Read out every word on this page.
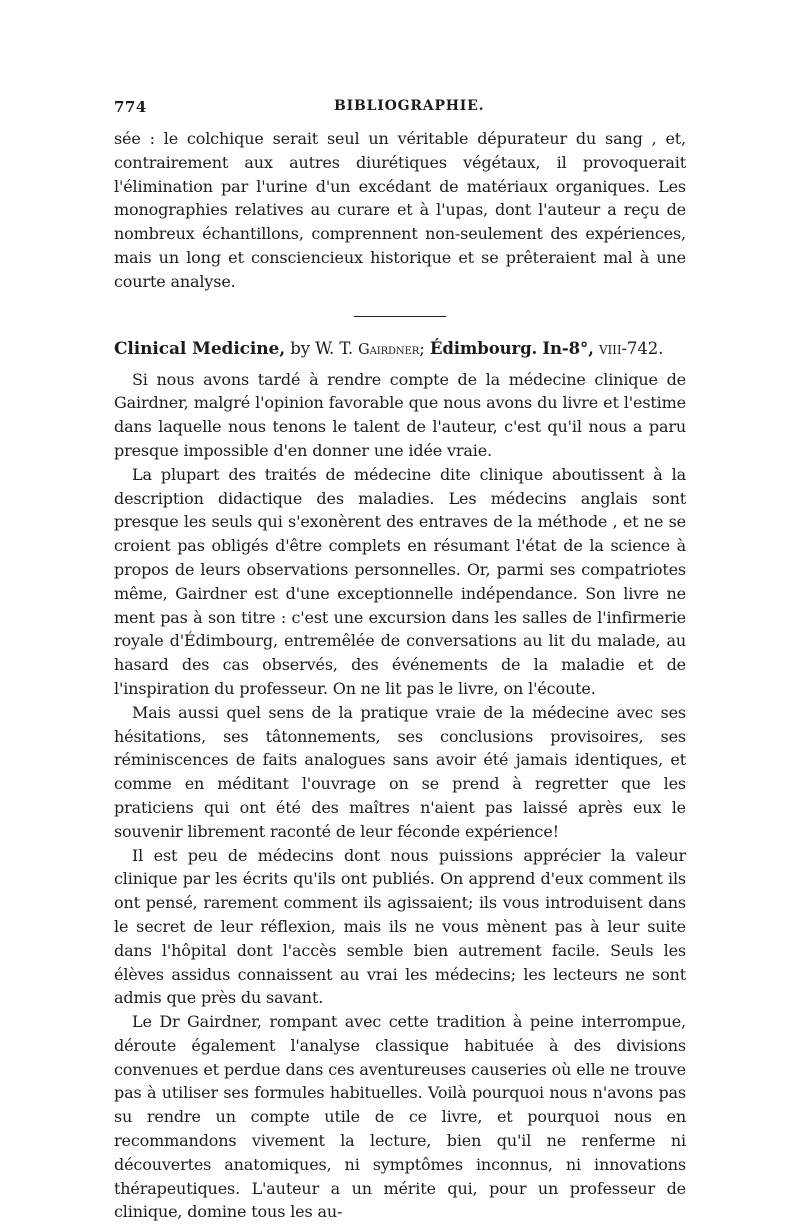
774	BIBLIOGRAPHIE.

sée : le colchique serait seul un véritable dépurateur du sang , et, contrairement aux autres diurétiques végétaux, il provoquerait l'élimination par l'urine d'un excédant de matériaux organiques. Les monographies relatives au curare et à l'upas, dont l'auteur a reçu de nombreux échantillons, comprennent non-seulement des expériences, mais un long et consciencieux historique et se prêteraient mal à une courte analyse.

Clinical Medicine, by W. T. Gairdner; Édimbourg. In-8°, viii-742.

Si nous avons tardé à rendre compte de la médecine clinique de Gairdner, malgré l'opinion favorable que nous avons du livre et l'estime dans laquelle nous tenons le talent de l'auteur, c'est qu'il nous a paru presque impossible d'en donner une idée vraie.

La plupart des traités de médecine dite clinique aboutissent à la description didactique des maladies. Les médecins anglais sont presque les seuls qui s'exonèrent des entraves de la méthode , et ne se croient pas obligés d'être complets en résumant l'état de la science à propos de leurs observations personnelles. Or, parmi ses compatriotes même, Gairdner est d'une exceptionnelle indépendance. Son livre ne ment pas à son titre : c'est une excursion dans les salles de l'infirmerie royale d'Édimbourg, entremêlée de conversations au lit du malade, au hasard des cas observés, des événements de la maladie et de l'inspiration du professeur. On ne lit pas le livre, on l'écoute.

Mais aussi quel sens de la pratique vraie de la médecine avec ses hésitations, ses tâtonnements, ses conclusions provisoires, ses réminiscences de faits analogues sans avoir été jamais identiques, et comme en méditant l'ouvrage on se prend à regretter que les praticiens qui ont été des maîtres n'aient pas laissé après eux le souvenir librement raconté de leur féconde expérience!

Il est peu de médecins dont nous puissions apprécier la valeur clinique par les écrits qu'ils ont publiés. On apprend d'eux comment ils ont pensé, rarement comment ils agissaient; ils vous introduisent dans le secret de leur réflexion, mais ils ne vous mènent pas à leur suite dans l'hôpital dont l'accès semble bien autrement facile. Seuls les élèves assidus connaissent au vrai les médecins; les lecteurs ne sont admis que près du savant.

Le Dr Gairdner, rompant avec cette tradition à peine interrompue, déroute également l'analyse classique habituée à des divisions convenues et perdue dans ces aventureuses causeries où elle ne trouve pas à utiliser ses formules habituelles. Voilà pourquoi nous n'avons pas su rendre un compte utile de ce livre, et pourquoi nous en recommandons vivement la lecture, bien qu'il ne renferme ni découvertes anatomiques, ni symptômes inconnus, ni innovations thérapeutiques. L'auteur a un mérite qui, pour un professeur de clinique, domine tous les au-
